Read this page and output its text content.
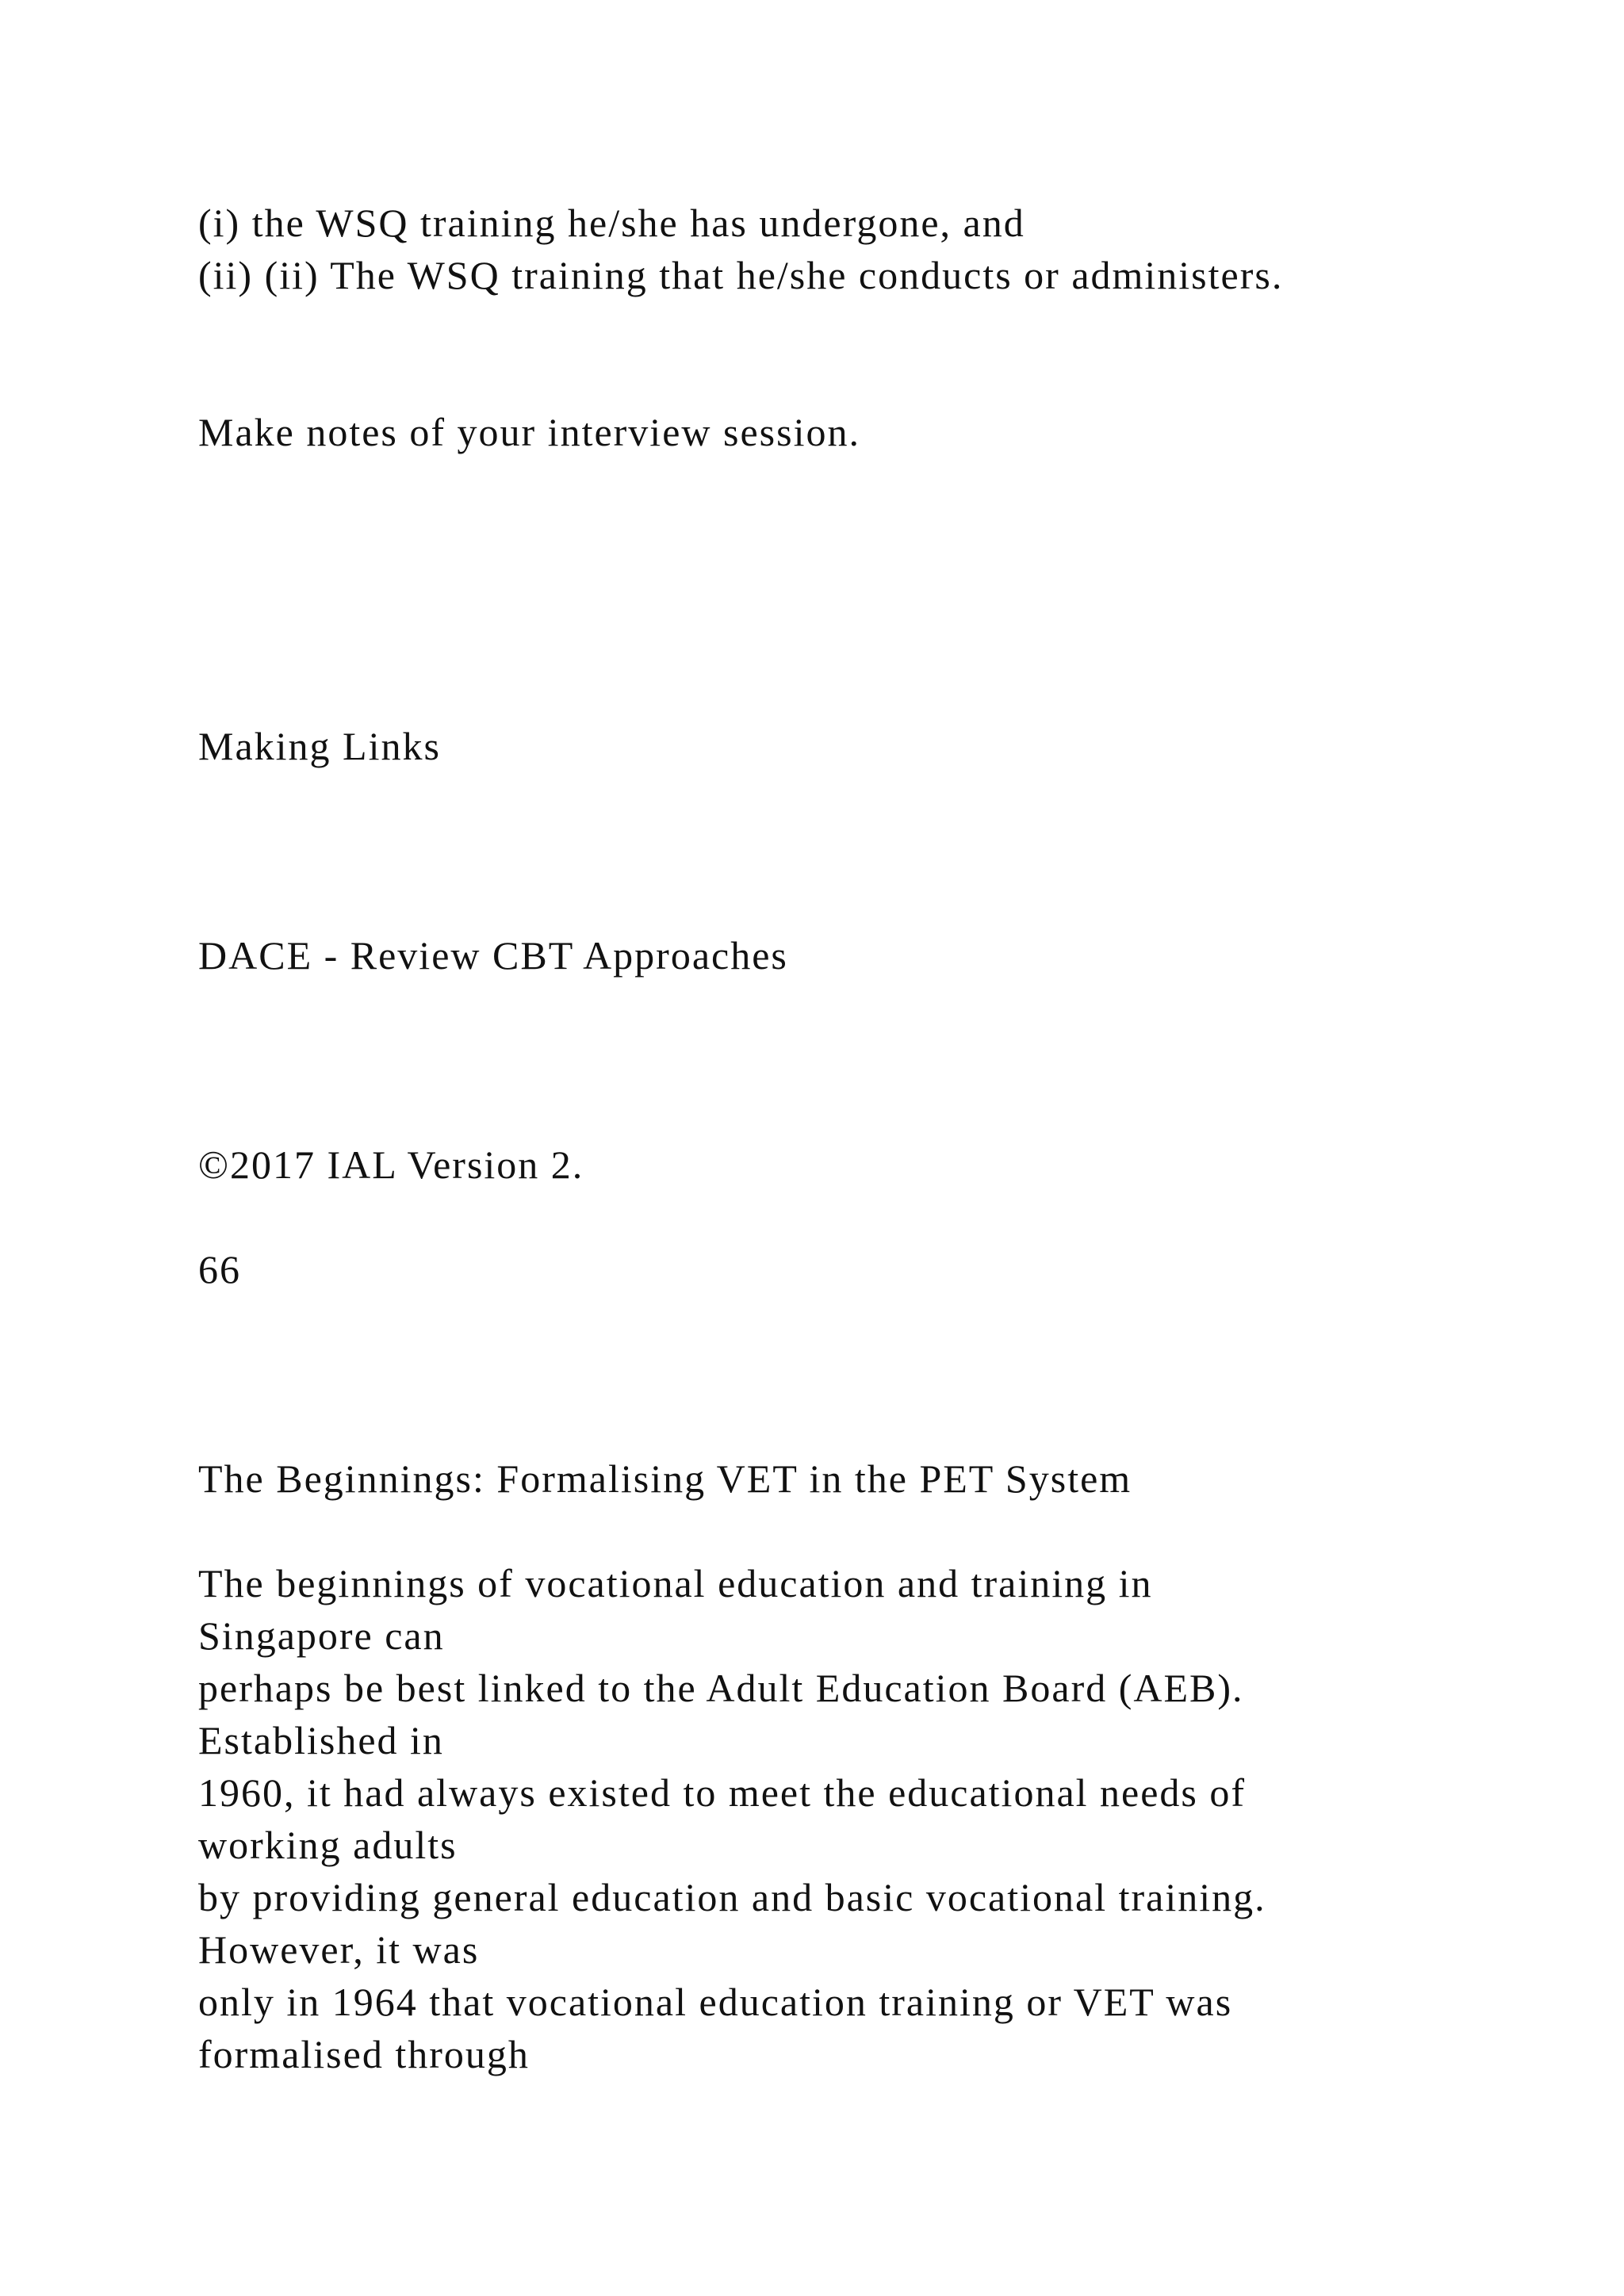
(i) the WSQ training he/she has undergone, and
(ii) (ii) The WSQ training that he/she conducts or administers.

Make notes of your interview session.

Making Links

DACE - Review CBT Approaches

©2017 IAL Version 2.

66

The Beginnings: Formalising VET in the PET System

The beginnings of vocational education and training in
Singapore can
perhaps be best linked to the Adult Education Board (AEB).
Established in
1960, it had always existed to meet the educational needs of
working adults
by providing general education and basic vocational training.
However, it was
only in 1964 that vocational education training or VET was
formalised through
